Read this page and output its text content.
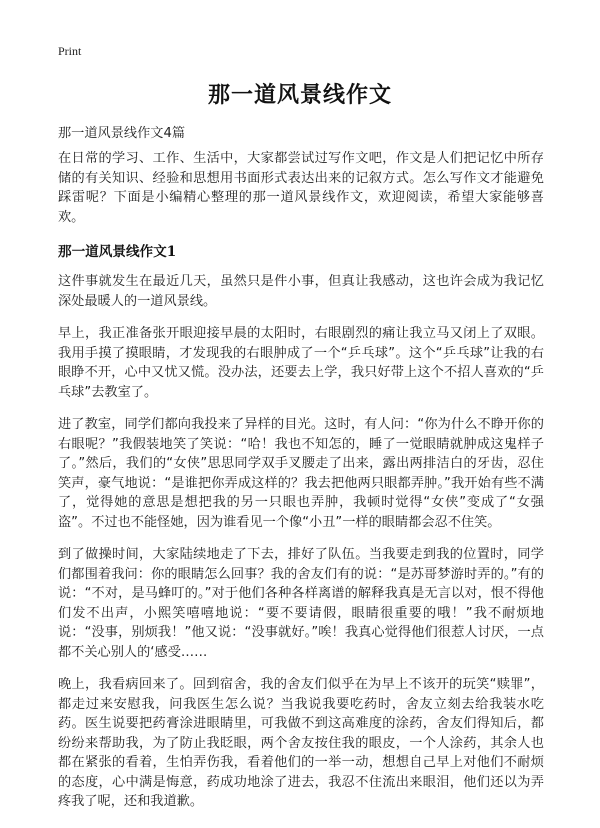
Print
那一道风景线作文
那一道风景线作文4篇

在日常的学习、工作、生活中，大家都尝试过写作文吧，作文是人们把记忆中所存储的有关知识、经验和思想用书面形式表达出来的记叙方式。怎么写作文才能避免踩雷呢？下面是小编精心整理的那一道风景线作文，欢迎阅读，希望大家能够喜欢。

那一道风景线作文1

这件事就发生在最近几天，虽然只是件小事，但真让我感动，这也许会成为我记忆深处最暖人的一道风景线。

早上，我正准备张开眼迎接早晨的太阳时，右眼剧烈的痛让我立马又闭上了双眼。我用手摸了摸眼睛，才发现我的右眼肿成了一个“乒乓球”。这个“乒乓球”让我的右眼睁不开，心中又忧又慌。没办法，还要去上学，我只好带上这个不招人喜欢的“乒乓球”去教室了。

进了教室，同学们都向我投来了异样的目光。这时，有人问：“你为什么不睁开你的右眼呢？”我假装地笑了笑说：“哈！我也不知怎的，睡了一觉眼睛就肿成这鬼样子了。”然后，我们的“女侠”思思同学双手叉腰走了出来，露出两排洁白的牙齿，忍住笑声，豪气地说：“是谁把你弄成这样的？我去把他两只眼都弄肿。”我开始有些不满了，觉得她的意思是想把我的另一只眼也弄肿，我顿时觉得“女侠”变成了“女强盗”。不过也不能怪她，因为谁看见一个像“小丑”一样的眼睛都会忍不住笑。

到了做操时间，大家陆续地走了下去，排好了队伍。当我要走到我的位置时，同学们都围着我问：你的眼睛怎么回事？我的舍友们有的说：“是苏哥梦游时弄的。”有的说：“不对，是马蜂叮的。”对于他们各种各样离谱的解释我真是无言以对，恨不得他们发不出声，小熙笑嘻嘻地说：“要不要请假，眼睛很重要的哦！”我不耐烦地说：“没事，别烦我！”他又说：“没事就好。”唉！我真心觉得他们很惹人讨厌，一点都不关心别人的‘感受……

晚上，我看病回来了。回到宿舍，我的舍友们似乎在为早上不该开的玩笑“赎罪”，都走过来安慰我，问我医生怎么说？当我说我要吃药时，舍友立刻去给我装水吃药。医生说要把药膏涂进眼睛里，可我做不到这高难度的涂药，舍友们得知后，都纷纷来帮助我，为了防止我眨眼，两个舍友按住我的眼皮，一个人涂药，其余人也都在紧张的看着，生怕弄伤我，看着他们的一举一动，想想自己早上对他们不耐烦的态度，心中满是悔意，药成功地涂了进去，我忍不住流出来眼泪，他们还以为弄疼我了呢，还和我道歉。
